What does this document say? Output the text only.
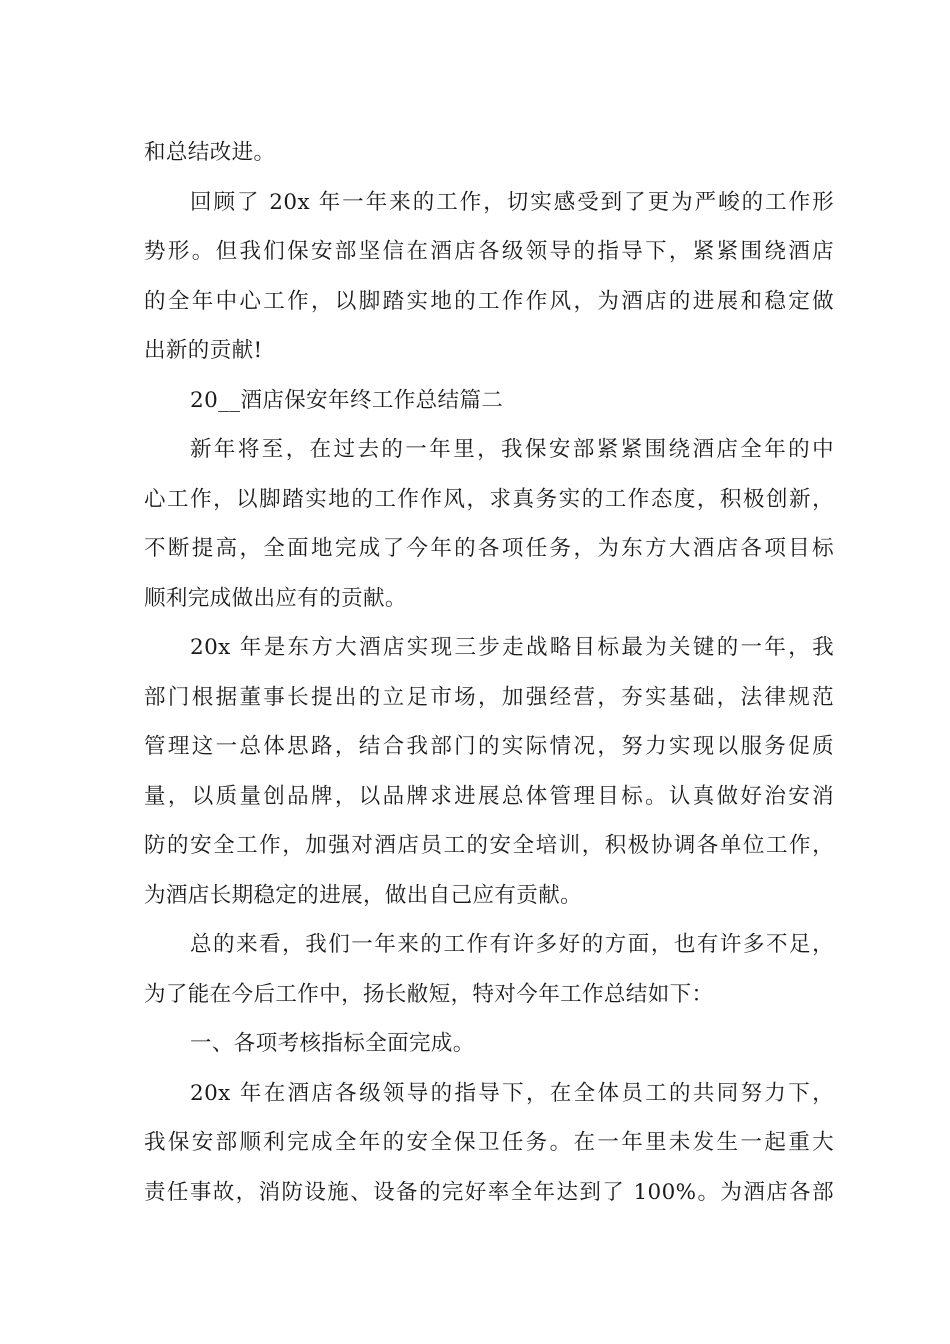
和总结改进。
回顾了 20x 年一年来的工作，切实感受到了更为严峻的工作形
势形。但我们保安部坚信在酒店各级领导的指导下，紧紧围绕酒店
的全年中心工作，以脚踏实地的工作作风，为酒店的进展和稳定做
出新的贡献!
20__酒店保安年终工作总结篇二
新年将至，在过去的一年里，我保安部紧紧围绕酒店全年的中
心工作，以脚踏实地的工作作风，求真务实的工作态度，积极创新，
不断提高，全面地完成了今年的各项任务，为东方大酒店各项目标
顺利完成做出应有的贡献。
20x 年是东方大酒店实现三步走战略目标最为关键的一年，我
部门根据董事长提出的立足市场，加强经营，夯实基础，法律规范
管理这一总体思路，结合我部门的实际情况，努力实现以服务促质
量，以质量创品牌，以品牌求进展总体管理目标。认真做好治安消
防的安全工作，加强对酒店员工的安全培训，积极协调各单位工作，
为酒店长期稳定的进展，做出自己应有贡献。
总的来看，我们一年来的工作有许多好的方面，也有许多不足，
为了能在今后工作中，扬长敝短，特对今年工作总结如下：
一、各项考核指标全面完成。
20x 年在酒店各级领导的指导下，在全体员工的共同努力下，
我保安部顺利完成全年的安全保卫任务。在一年里未发生一起重大
责任事故，消防设施、设备的完好率全年达到了 100%。为酒店各部
